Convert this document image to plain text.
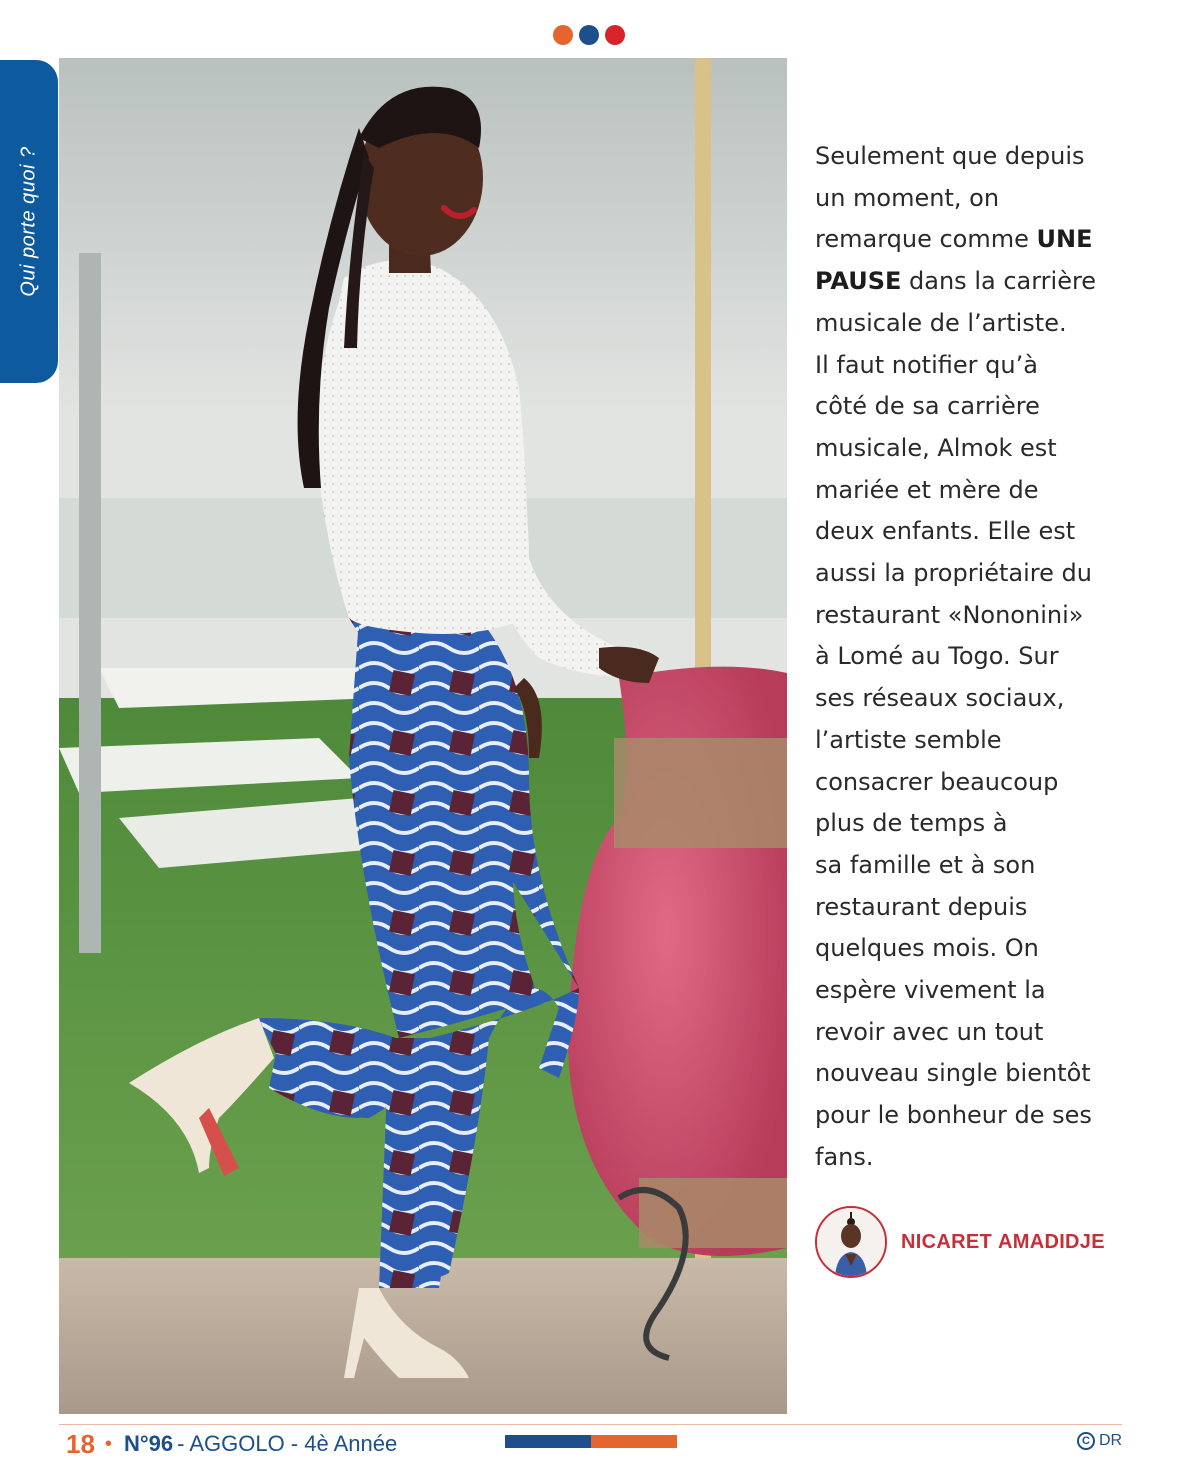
Qui porte quoi ?	Seulement que depuis
un moment, on
remarque comme UNE
PAUSE dans la carrière
musicale de l’artiste.
Il faut notifier qu’à
côté de sa carrière
musicale, Almok est
mariée et mère de
deux enfants. Elle est
aussi la propriétaire du
restaurant «Nononini»
à Lomé au Togo. Sur
ses réseaux sociaux,
l’artiste semble
consacrer beaucoup
plus de temps à
sa famille et à son
restaurant depuis
quelques mois. On
espère vivement la
revoir avec un tout
nouveau single bientôt
pour le bonheur de ses
fans.

NICARET AMADIDJE
18 • N°96 - AGGOLO - 4è Année	C DR
